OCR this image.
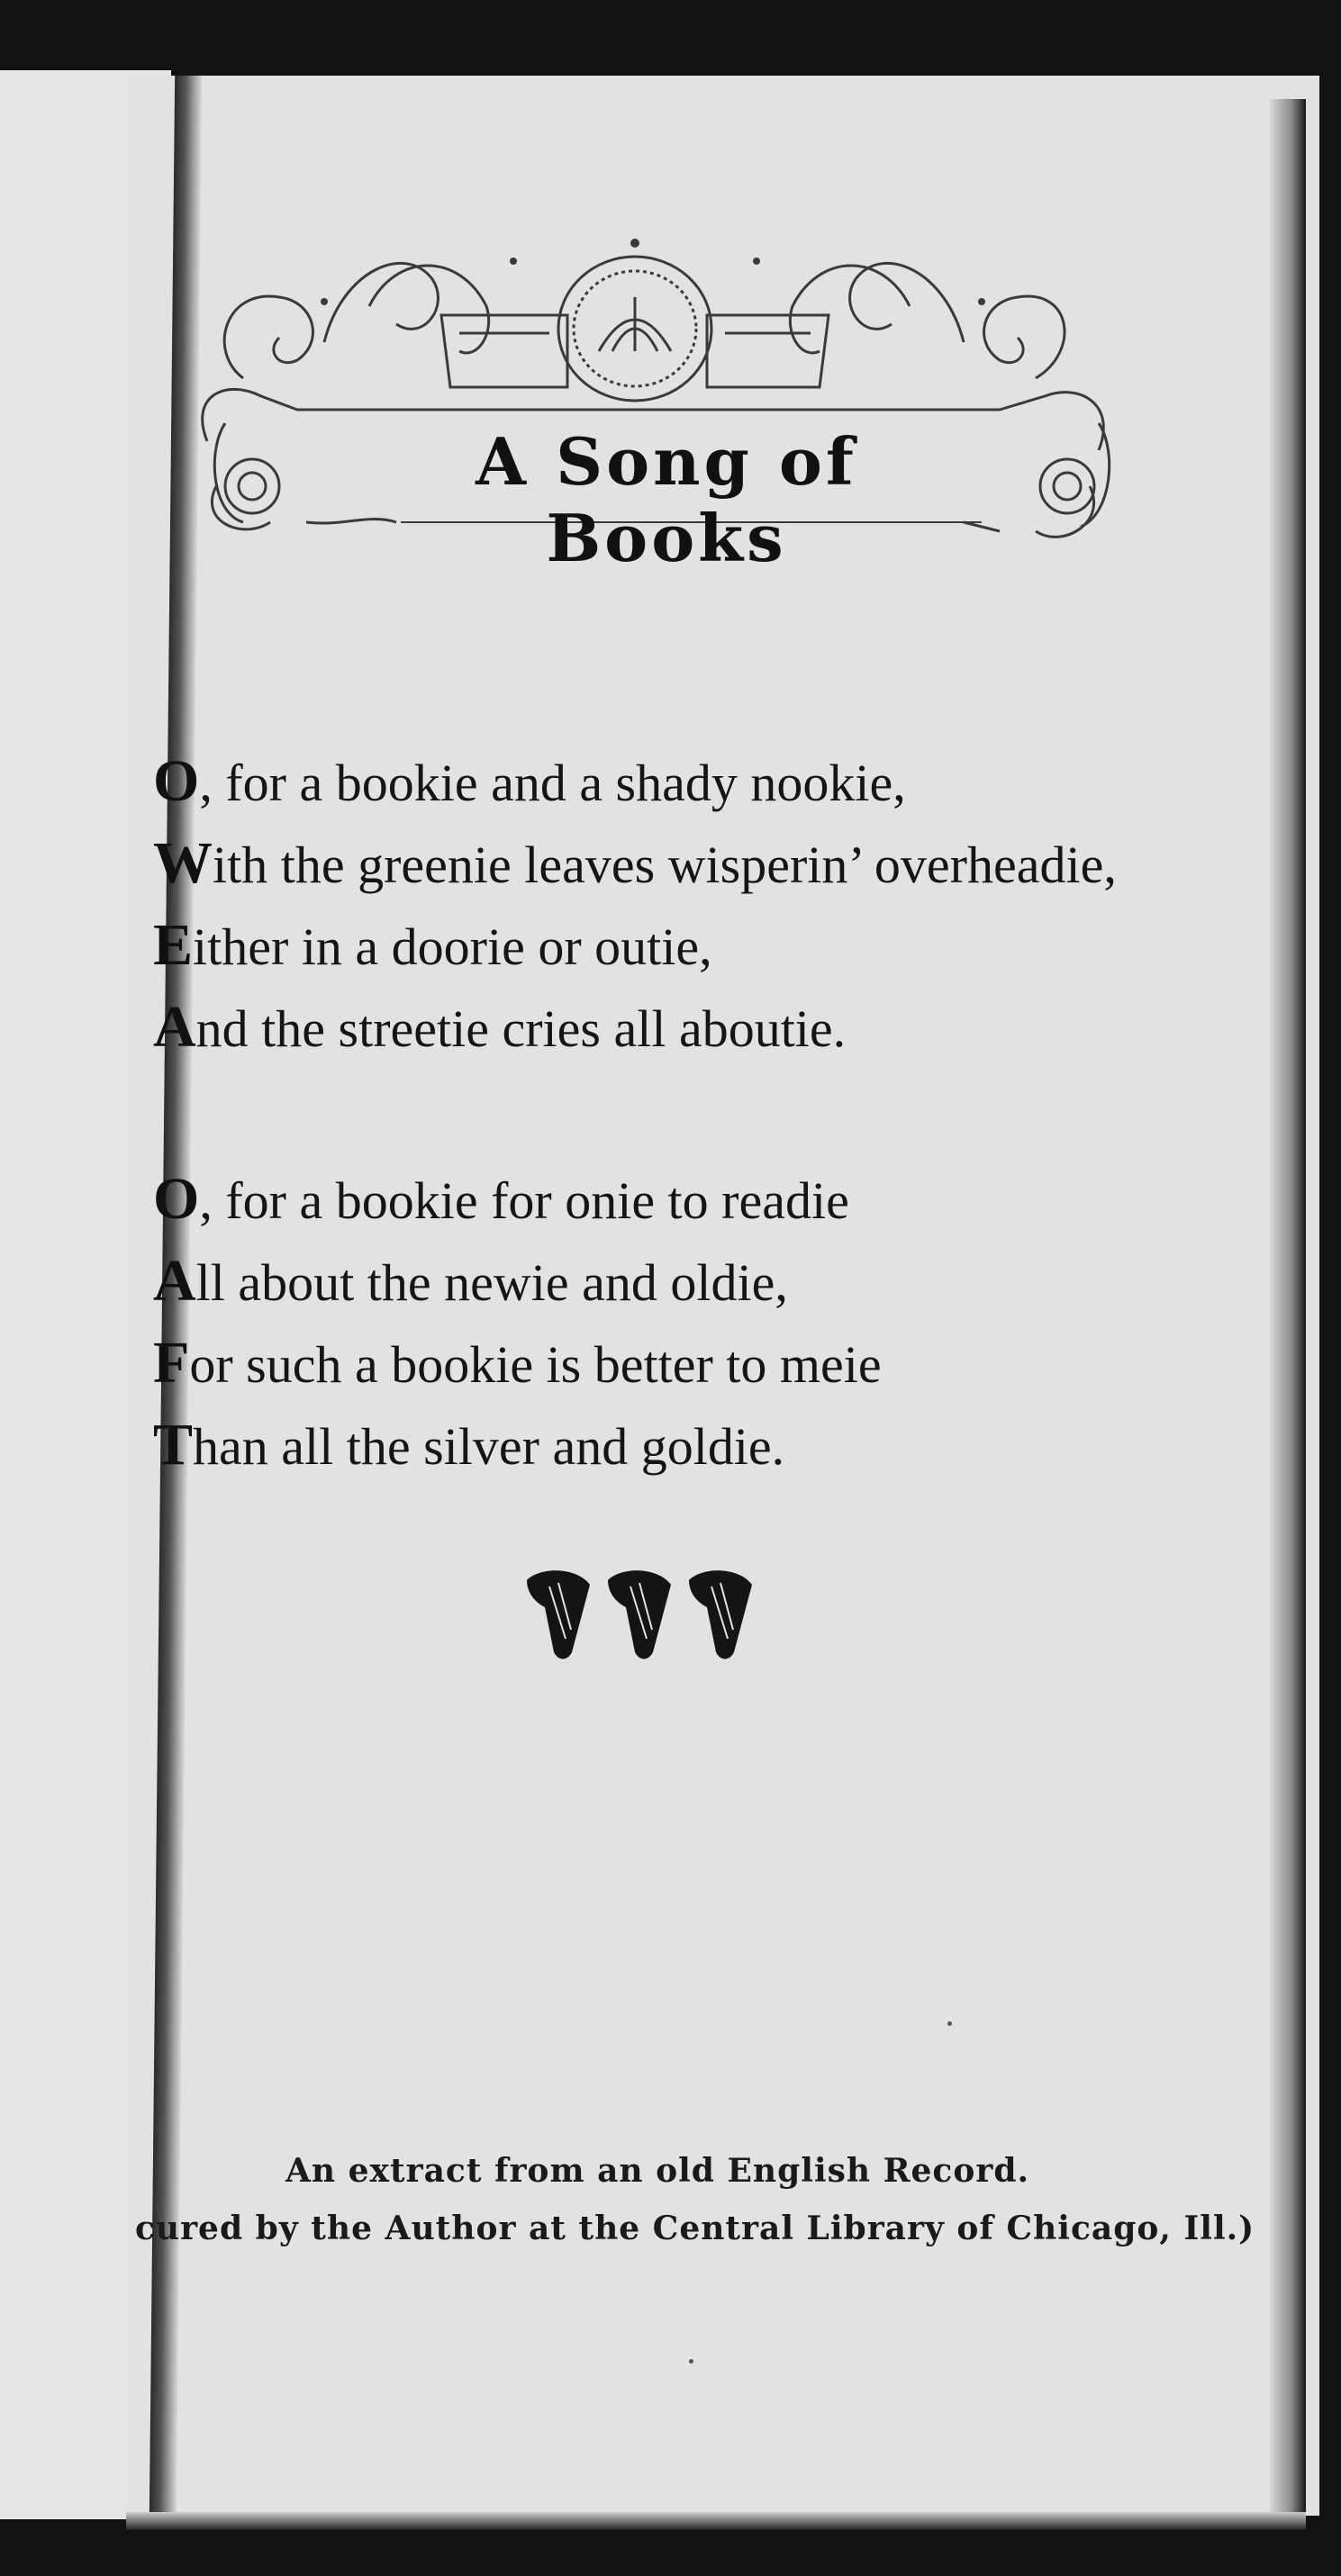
A Song of Books
O, for a bookie and a shady nookie,
With the greenie leaves wisperin’ overheadie,
Either in a doorie or outie,
And the streetie cries all aboutie.
O, for a bookie for onie to readie
All about the newie and oldie,
For such a bookie is better to meie
Than all the silver and goldie.
An extract from an old English Record.
cured by the Author at the Central Library of Chicago, Ill.)
